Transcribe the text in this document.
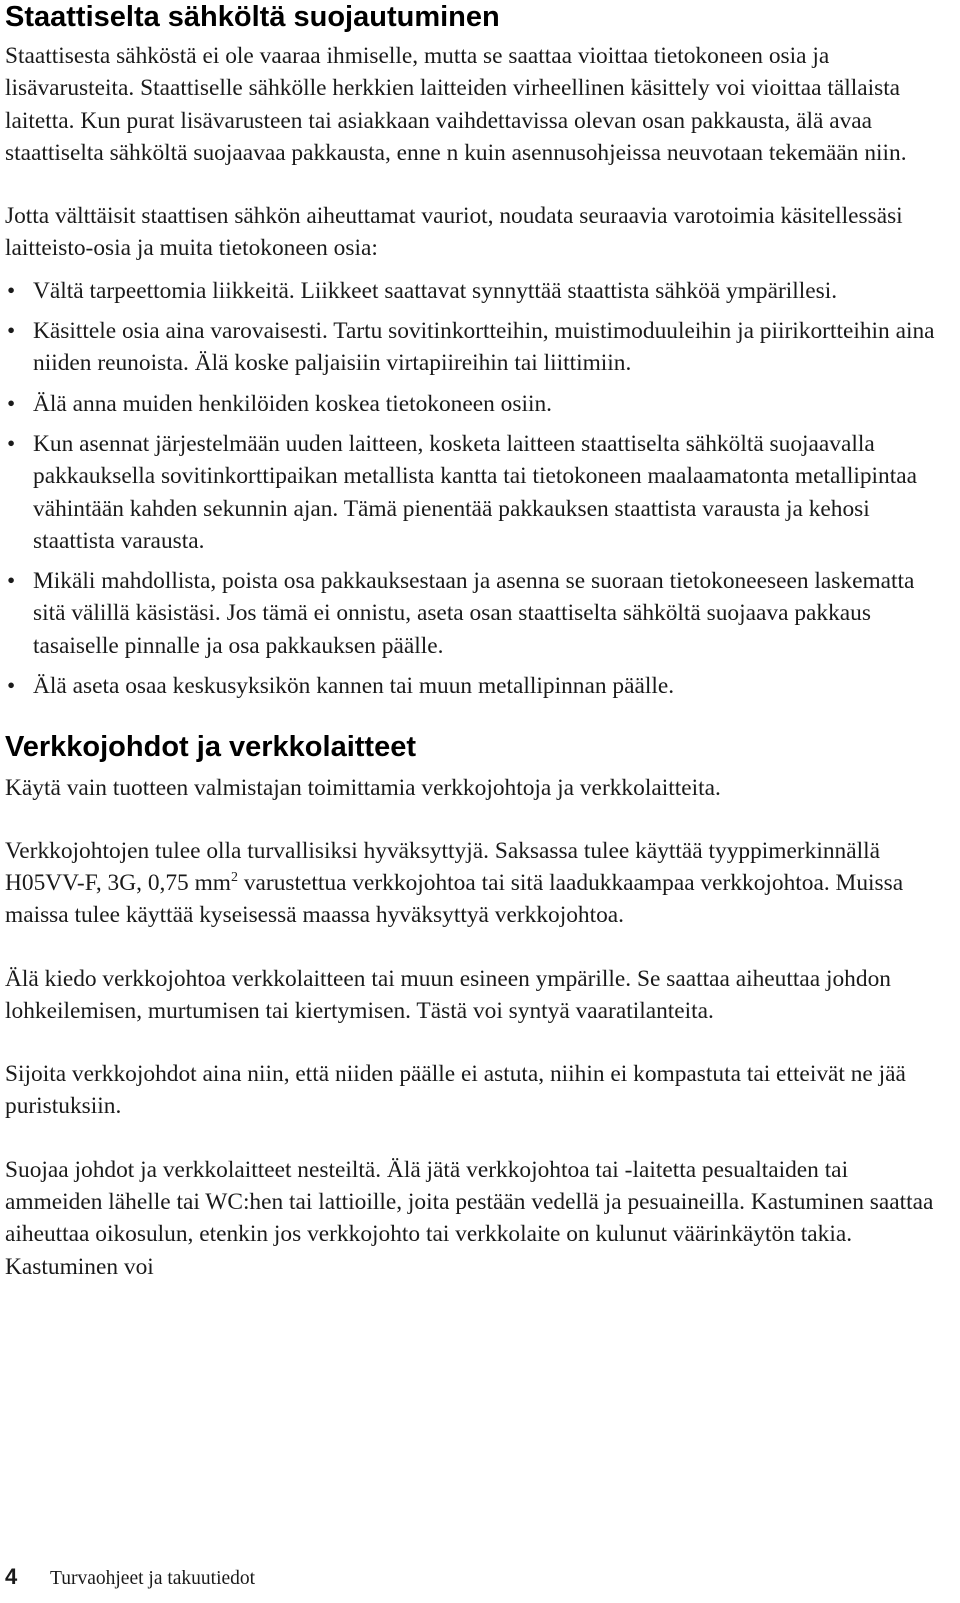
Staattiselta sähköltä suojautuminen

Staattisesta sähköstä ei ole vaaraa ihmiselle, mutta se saattaa vioittaa tietokoneen osia ja lisävarusteita. Staattiselle sähkölle herkkien laitteiden virheellinen käsittely voi vioittaa tällaista laitetta. Kun purat lisävarusteen tai asiakkaan vaihdettavissa olevan osan pakkausta, älä avaa staattiselta sähköltä suojaavaa pakkausta, enne n kuin asennusohjeissa neuvotaan tekemään niin.

Jotta välttäisit staattisen sähkön aiheuttamat vauriot, noudata seuraavia varotoimia käsitellessäsi laitteisto-osia ja muita tietokoneen osia:

• Vältä tarpeettomia liikkeitä. Liikkeet saattavat synnyttää staattista sähköä ympärillesi.
• Käsittele osia aina varovaisesti. Tartu sovitinkortteihin, muistimoduuleihin ja piirikortteihin aina niiden reunoista. Älä koske paljaisiin virtapiireihin tai liittimiin.
• Älä anna muiden henkilöiden koskea tietokoneen osiin.
• Kun asennat järjestelmään uuden laitteen, kosketa laitteen staattiselta sähköltä suojaavalla pakkauksella sovitinkorttipaikan metallista kantta tai tietokoneen maalaamatonta metallipintaa vähintään kahden sekunnin ajan. Tämä pienentää pakkauksen staattista varausta ja kehosi staattista varausta.
• Mikäli mahdollista, poista osa pakkauksestaan ja asenna se suoraan tietokoneeseen laskematta sitä välillä käsistäsi. Jos tämä ei onnistu, aseta osan staattiselta sähköltä suojaava pakkaus tasaiselle pinnalle ja osa pakkauksen päälle.
• Älä aseta osaa keskusyksikön kannen tai muun metallipinnan päälle.
Verkkojohdot ja verkkolaitteet

Käytä vain tuotteen valmistajan toimittamia verkkojohtoja ja verkkolaitteita.

Verkkojohtojen tulee olla turvallisiksi hyväksyttyjä. Saksassa tulee käyttää tyyppimerkinnällä H05VV-F, 3G, 0,75 $mm^2$ varustettua verkkojohtoa tai sitä laadukkaampaa verkkojohtoa. Muissa maissa tulee käyttää kyseisessä maassa hyväksyttyä verkkojohtoa.

Älä kiedo verkkojohtoa verkkolaitteen tai muun esineen ympärille. Se saattaa aiheuttaa johdon lohkeilemisen, murtumisen tai kiertymisen. Tästä voi syntyä vaaratilanteita.

Sijoita verkkojohdot aina niin, että niiden päälle ei astuta, niihin ei kompastuta tai etteivät ne jää puristuksiin.

Suojaa johdot ja verkkolaitteet nesteiltä. Älä jätä verkkojohtoa tai -laitetta pesualtaiden tai ammeiden lähelle tai WC:hen tai lattioille, joita pestään vedellä ja pesuaineilla. Kastuminen saattaa aiheuttaa oikosulun, etenkin jos verkkojohto tai verkkolaite on kulunut väärinkäytön takia. Kastuminen voi

4	Turvaohjeet ja takuutiedot
